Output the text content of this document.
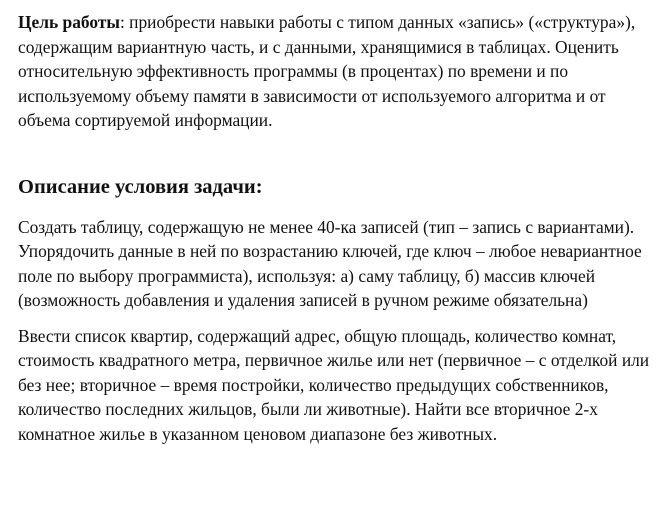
Цель работы: приобрести навыки работы с типом данных «запись» («структура»), содержащим вариантную часть, и с данными, хранящимися в таблицах. Оценить относительную эффективность программы (в процентах) по времени и по используемому объему памяти в зависимости от используемого алгоритма и от объема сортируемой информации.

Описание условия задачи:

Создать таблицу, содержащую не менее 40-ка записей (тип – запись с вариантами). Упорядочить данные в ней по возрастанию ключей, где ключ – любое невариантное поле по выбору программиста), используя: а) саму таблицу, б) массив ключей (возможность добавления и удаления записей в ручном режиме обязательна)

Ввести список квартир, содержащий адрес, общую площадь, количество комнат, стоимость квадратного метра, первичное жилье или нет (первичное – с отделкой или без нее; вторичное – время постройки, количество предыдущих собственников, количество последних жильцов, были ли животные). Найти все вторичное 2-х комнатное жилье в указанном ценовом диапазоне без животных.
